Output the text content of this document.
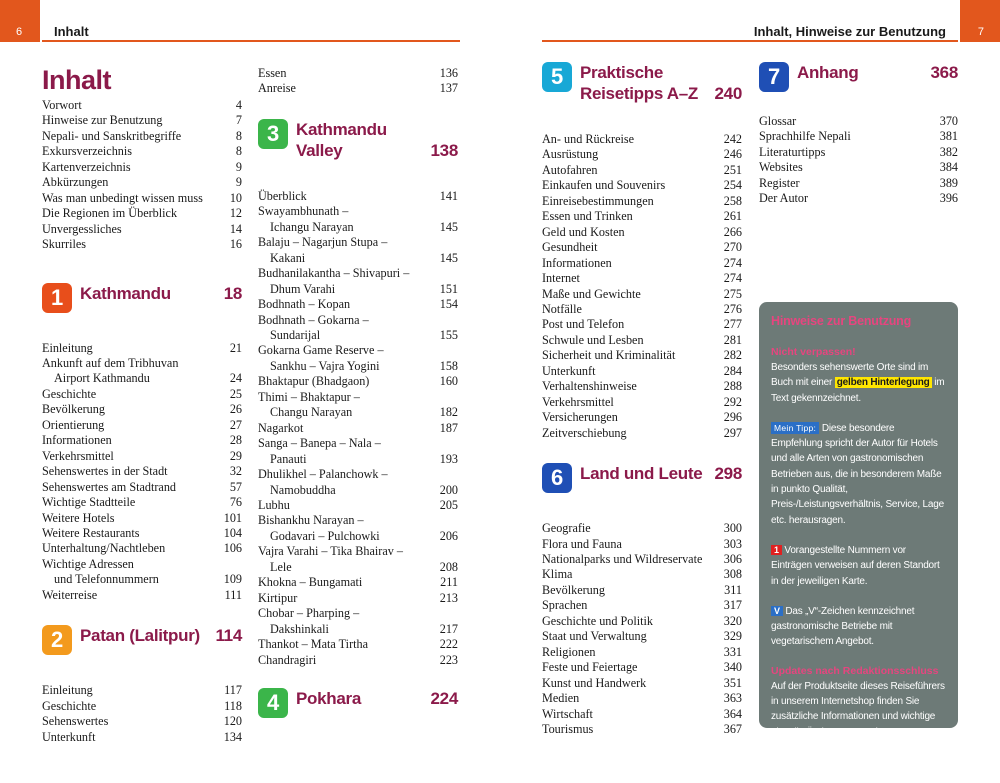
6	Inhalt	7
Inhalt, Hinweise zur Benutzung
Inhalt
Vorwort	4
Hinweise zur Benutzung	7
Nepali- und Sanskritbegriffe	8
Exkursverzeichnis	8
Kartenverzeichnis	9
Abkürzungen	9
Was man unbedingt wissen muss	10
Die Regionen im Überblick	12
Unvergessliches	14
Skurriles	16
1	Kathmandu	18
Einleitung	21
Ankunft auf dem Tribhuvan
Airport Kathmandu	24
Geschichte	25
Bevölkerung	26
Orientierung	27
Informationen	28
Verkehrsmittel	29
Sehenswertes in der Stadt	32
Sehenswertes am Stadtrand	57
Wichtige Stadtteile	76
Weitere Hotels	101
Weitere Restaurants	104
Unterhaltung/Nachtleben	106
Wichtige Adressen
und Telefonnummern	109
Weiterreise	111
2	Patan (Lalitpur) 114
Einleitung	117
Geschichte	118
Sehenswertes	120
Unterkunft	134
Essen	136
Anreise	137
3	Kathmandu
Valley	138
Überblick	141
Swayambhunath –
Ichangu Narayan	145
Balaju – Nagarjun Stupa –
Kakani	145
Budhanilakantha – Shivapuri –
Dhum Varahi	151
Bodhnath – Kopan	154
Bodhnath – Gokarna –
Sundarijal	155
Gokarna Game Reserve –
Sankhu – Vajra Yogini	158
Bhaktapur (Bhadgaon)	160
Thimi – Bhaktapur –
Changu Narayan	182
Nagarkot	187
Sanga – Banepa – Nala –
Panauti	193
Dhulikhel – Palanchowk –
Namobuddha	200
Lubhu	205
Bishankhu Narayan –
Godavari – Pulchowki	206
Vajra Varahi – Tika Bhairav –
Lele	208
Khokna – Bungamati	211
Kirtipur	213
Chobar – Pharping –
Dakshinkali	217
Thankot – Mata Tirtha	222
Chandragiri	223
4	Pokhara	224
5	Praktische
Reisetipps A–Z 240
An- und Rückreise	242
Ausrüstung	246
Autofahren	251
Einkaufen und Souvenirs	254
Einreisebestimmungen	258
Essen und Trinken	261
Geld und Kosten	266
Gesundheit	270
Informationen	274
Internet	274
Maße und Gewichte	275
Notfälle	276
Post und Telefon	277
Schwule und Lesben	281
Sicherheit und Kriminalität	282
Unterkunft	284
Verhaltenshinweise	288
Verkehrsmittel	292
Versicherungen	296
Zeitverschiebung	297
6	Land und Leute 298
Geografie	300
Flora und Fauna	303
Nationalparks und Wildreservate	306
Klima	308
Bevölkerung	311
Sprachen	317
Geschichte und Politik	320
Staat und Verwaltung	329
Religionen	331
Feste und Feiertage	340
Kunst und Handwerk	351
Medien	363
Wirtschaft	364
Tourismus	367
7	Anhang	368
Glossar	370
Sprachhilfe Nepali	381
Literaturtipps	382
Websites	384
Register	389
Der Autor	396
Hinweise zur Benutzung
Nicht verpassen!

Besonders sehenswerte Orte sind im Buch mit einer gelben Hinterlegung im Text gekennzeichnet.

Mein Tipp: Diese besondere Empfehlung spricht der Autor für Hotels und alle Arten von gastronomischen Betrieben aus, die in besonderem Maße in punkto Qualität, Preis-/Leistungsverhältnis, Service, Lage etc. herausragen.

1 Vorangestellte Nummern vor Einträgen verweisen auf deren Standort in der jeweiligen Karte.

V Das „V“-Zeichen kennzeichnet gastronomische Betriebe mit vegetarischem Angebot.

Updates nach Redaktionsschluss

Auf der Produktseite dieses Reiseführers in unserem Internetshop finden Sie zusätzliche Informationen und wichtige aktuelle Änderungen und Ergänzungen.
